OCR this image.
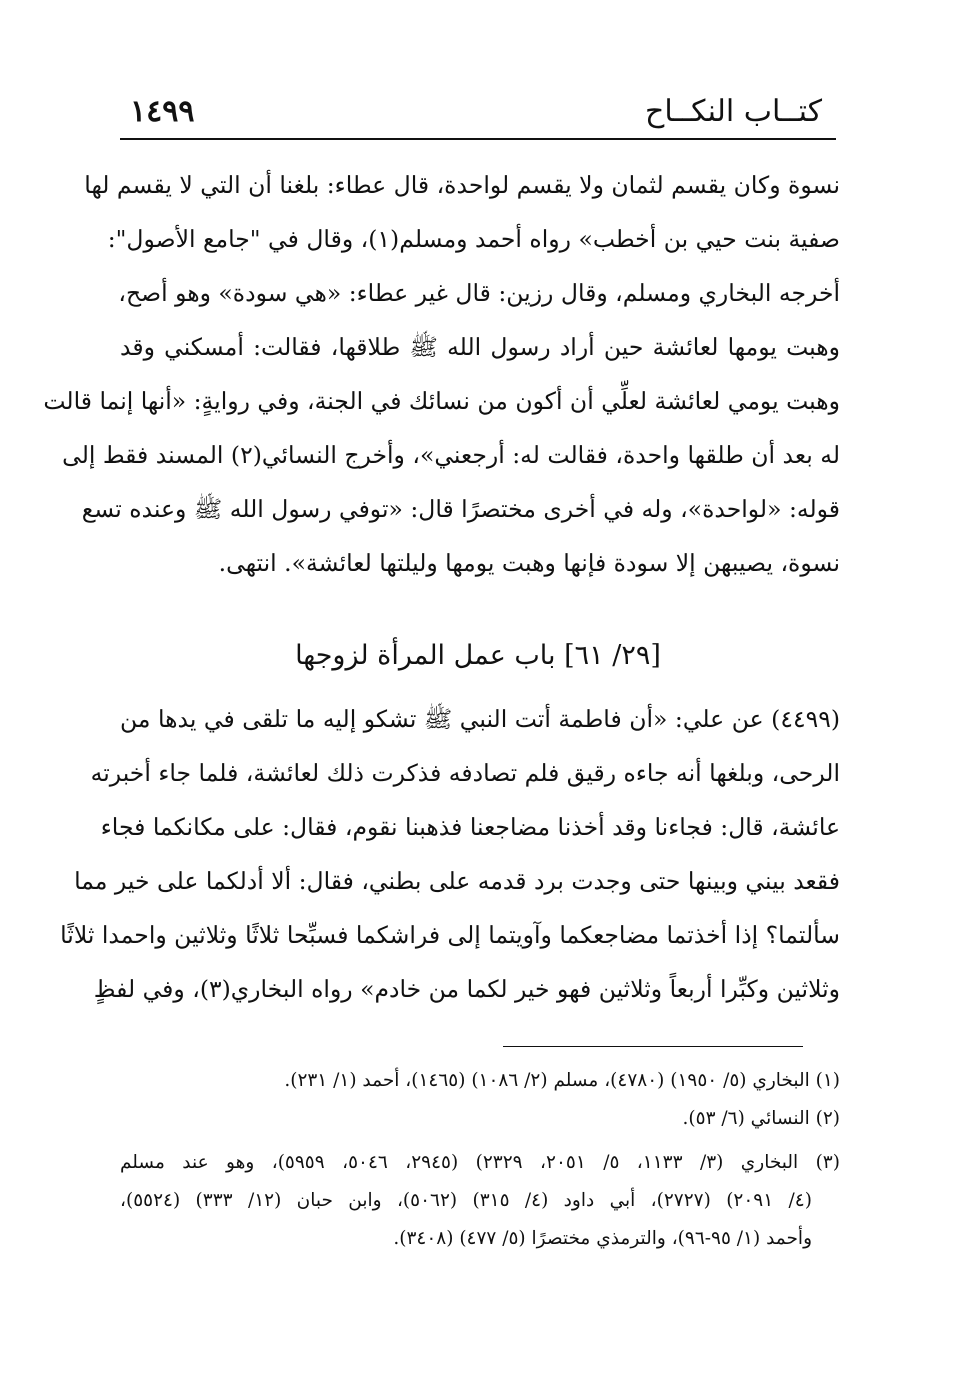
كتــاب النكــاح
١٤٩٩
نسوة وكان يقسم لثمان ولا يقسم لواحدة، قال عطاء: بلغنا أن التي لا يقسم لها
صفية بنت حيي بن أخطب» رواه أحمد ومسلم(١)، وقال في "جامع الأصول":
أخرجه البخاري ومسلم، وقال رزين: قال غير عطاء: «هي سودة» وهو أصح،
وهبت يومها لعائشة حين أراد رسول الله ﷺ طلاقها، فقالت: أمسكني وقد
وهبت يومي لعائشة لعلِّي أن أكون من نسائك في الجنة، وفي روايةٍ: «أنها إنما قالت
له بعد أن طلقها واحدة، فقالت له: أرجعني»، وأخرج النسائي(٢) المسند فقط إلى
قوله: «لواحدة»، وله في أخرى مختصرًا قال: «توفي رسول الله ﷺ وعنده تسع
نسوة، يصيبهن إلا سودة فإنها وهبت يومها وليلتها لعائشة». انتهى.
[٢٩/ ٦١] باب عمل المرأة لزوجها
(٤٤٩٩) عن علي: «أن فاطمة أتت النبي ﷺ تشكو إليه ما تلقى في يدها من
الرحى، وبلغها أنه جاءه رقيق فلم تصادفه فذكرت ذلك لعائشة، فلما جاء أخبرته
عائشة، قال: فجاءنا وقد أخذنا مضاجعنا فذهبنا نقوم، فقال: على مكانكما فجاء
فقعد بيني وبينها حتى وجدت برد قدمه على بطني، فقال: ألا أدلكما على خير مما
سألتما؟ إذا أخذتما مضاجعكما وآويتما إلى فراشكما فسبِّحا ثلاثًا وثلاثين واحمدا ثلاثًا
وثلاثين وكبِّرا أربعاً وثلاثين فهو خير لكما من خادم» رواه البخاري(٣)، وفي لفظٍ
(١) البخاري (٥/ ١٩٥٠) (٤٧٨٠)، مسلم (٢/ ١٠٨٦) (١٤٦٥)، أحمد (١/ ٢٣١).
(٢) النسائي (٦/ ٥٣).
(٣) البخاري (٣/ ١١٣٣، ٥/ ٢٠٥١، ٢٣٢٩) (٢٩٤٥، ٥٠٤٦، ٥٩٥٩)، وهو عند مسلم
(٤/ ٢٠٩١) (٢٧٢٧)، أبي داود (٤/ ٣١٥) (٥٠٦٢)، وابن حبان (١٢/ ٣٣٣) (٥٥٢٤)،
وأحمد (١/ ٩٥-٩٦)، والترمذي مختصرًا (٥/ ٤٧٧) (٣٤٠٨).
